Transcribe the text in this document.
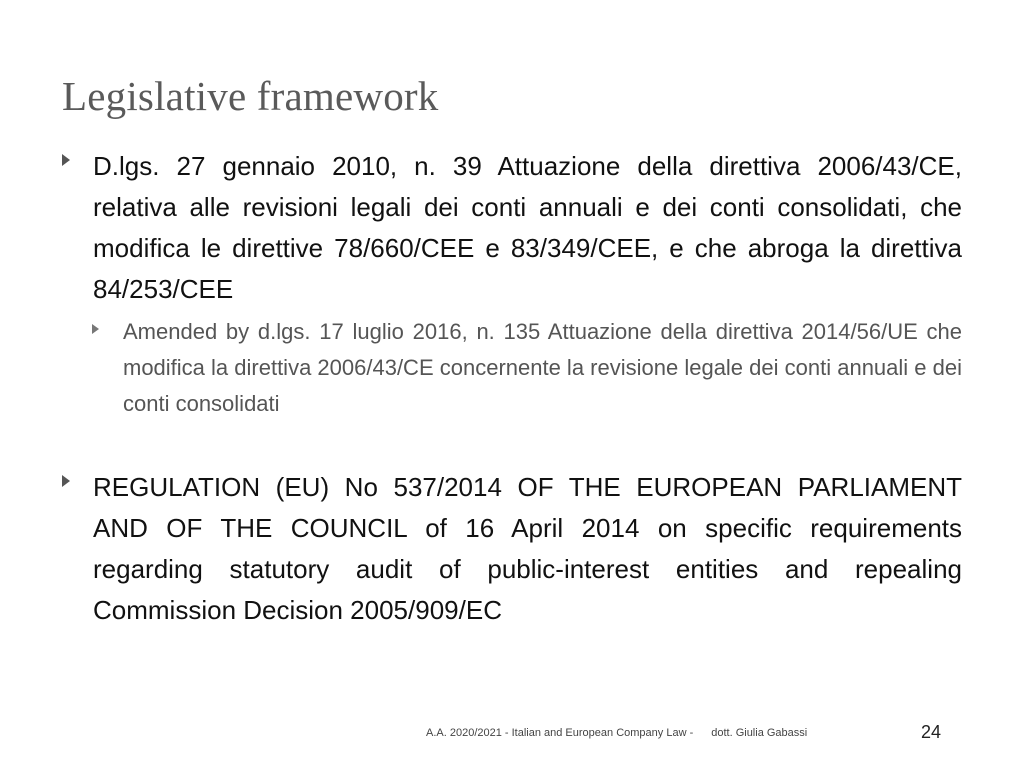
Legislative framework
D.lgs. 27 gennaio 2010, n. 39 Attuazione della direttiva 2006/43/CE, relativa alle revisioni legali dei conti annuali e dei conti consolidati, che modifica le direttive 78/660/CEE e 83/349/CEE, e che abroga la direttiva 84/253/CEE
Amended by d.lgs. 17 luglio 2016, n. 135 Attuazione della direttiva 2014/56/UE che modifica la direttiva 2006/43/CE concernente la revisione legale dei conti annuali e dei conti consolidati
REGULATION (EU) No 537/2014 OF THE EUROPEAN PARLIAMENT AND OF THE COUNCIL of 16 April 2014 on specific requirements regarding statutory audit of public-interest entities and repealing Commission Decision 2005/909/EC
A.A. 2020/2021 - Italian and European Company Law - dott. Giulia Gabassi	24
